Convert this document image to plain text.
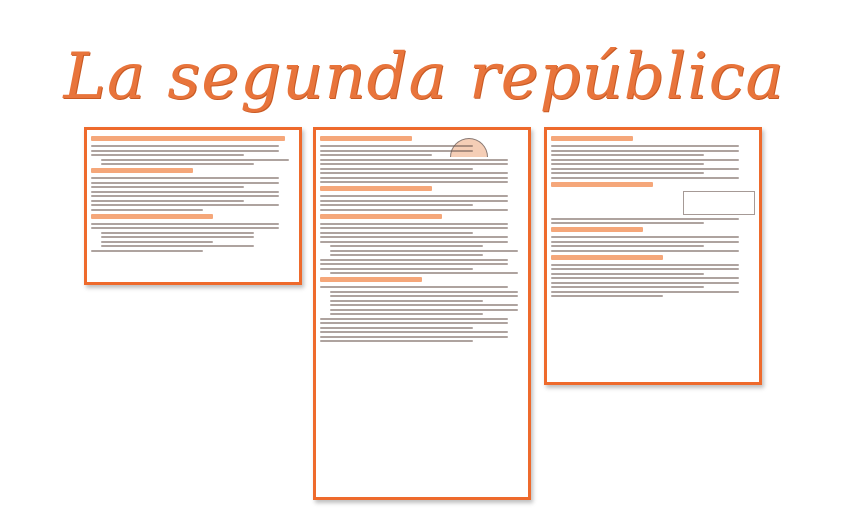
La segunda república
